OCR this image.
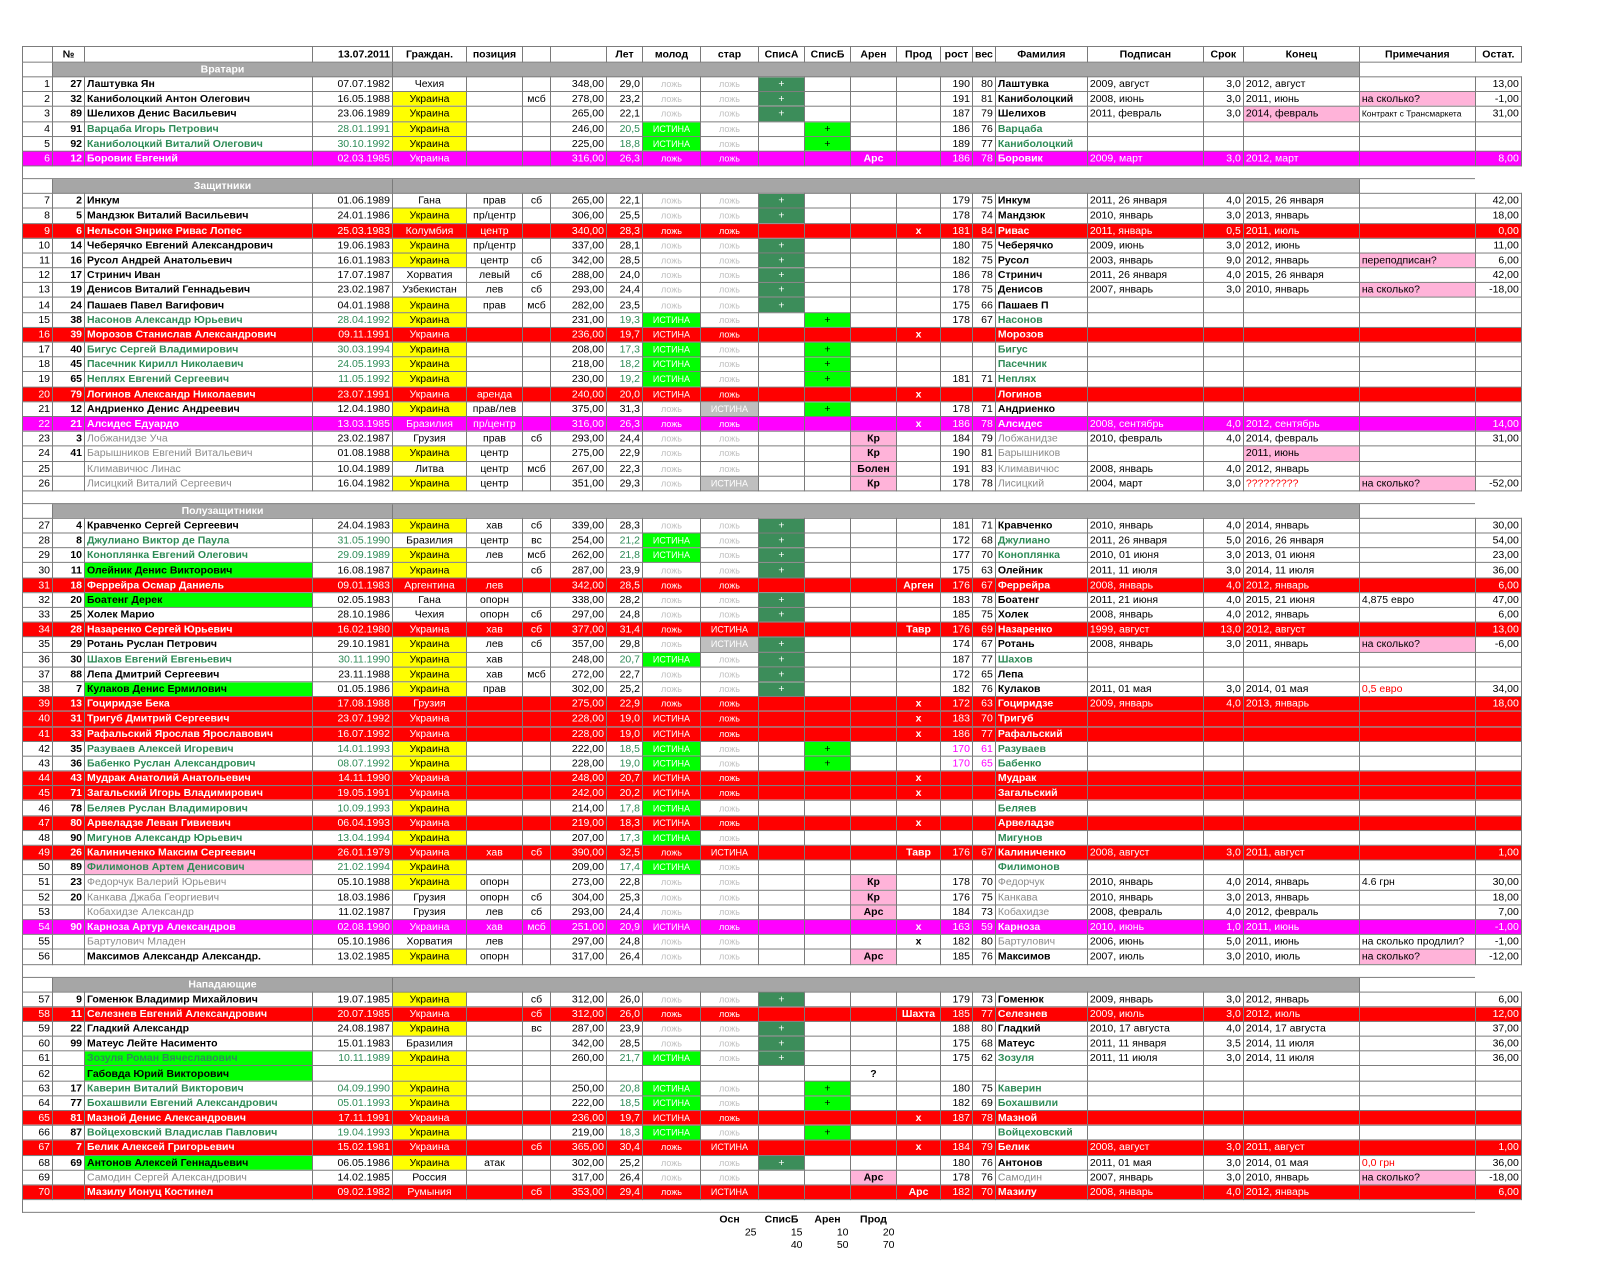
	№		13.07.2011	Граждан.	позиция			Лет	молод	стар	СписА	СписБ	Арен	Прод	рост	вес	Фамилия	Подписан	Срок	Конец	Примечания	Остат.
	Вратари																					
1	27	Лаштувка Ян	07.07.1982	Чехия			348,00	29,0	ложь	ложь	+				190	80	Лаштувка	2009, август	3,0	2012, август		13,00
2	32	Каниболоцкий Антон Олегович	16.05.1988	Украина		мсб	278,00	23,2	ложь	ложь	+				191	81	Каниболоцкий	2008, июнь	3,0	2011, июнь	на сколько?	-1,00
3	89	Шелихов Денис Васильевич	23.06.1989	Украина			265,00	22,1	ложь	ложь	+				187	79	Шелихов	2011, февраль	3,0	2014, февраль	Контракт с Трансмаркета	31,00
4	91	Варцаба Игорь Петрович	28.01.1991	Украина			246,00	20,5	ИСТИНА	ложь		+			186	76	Варцаба					
5	92	Каниболоцкий Виталий Олегович	30.10.1992	Украина			225,00	18,8	ИСТИНА	ложь		+			189	77	Каниболоцкий					
6	12	Боровик Евгений	02.03.1985	Украина			316,00	26,3	ложь	ложь			Арс		186	78	Боровик	2009, март	3,0	2012, март		8,00

	Защитники																					
7	2	Инкум	01.06.1989	Гана	прав	сб	265,00	22,1	ложь	ложь	+				179	75	Инкум	2011, 26 января	4,0	2015, 26 января		42,00
8	5	Мандзюк Виталий Васильевич	24.01.1986	Украина	пр/центр		306,00	25,5	ложь	ложь	+				178	74	Мандзюк	2010, январь	3,0	2013, январь		18,00
9	6	Нельсон Энрике Ривас Лопес	25.03.1983	Колумбия	центр		340,00	28,3	ложь	ложь				x	181	84	Ривас	2011, январь	0,5	2011, июль		0,00
10	14	Чеберячко Евгений Александрович	19.06.1983	Украина	пр/центр		337,00	28,1	ложь	ложь	+				180	75	Чеберячко	2009, июнь	3,0	2012, июнь		11,00
11	16	Русол Андрей Анатольевич	16.01.1983	Украина	центр	сб	342,00	28,5	ложь	ложь	+				182	75	Русол	2003, январь	9,0	2012, январь	переподписан?	6,00
12	17	Стринич Иван	17.07.1987	Хорватия	левый	сб	288,00	24,0	ложь	ложь	+				186	78	Стринич	2011, 26 января	4,0	2015, 26 января		42,00
13	19	Денисов Виталий Геннадьевич	23.02.1987	Узбекистан	лев	сб	293,00	24,4	ложь	ложь	+				178	75	Денисов	2007, январь	3,0	2010, январь	на сколько?	-18,00
14	24	Пашаев Павел Вагифович	04.01.1988	Украина	прав	мсб	282,00	23,5	ложь	ложь	+				175	66	Пашаев П					
15	38	Насонов Александр Юрьевич	28.04.1992	Украина			231,00	19,3	ИСТИНА	ложь		+			178	67	Насонов					
16	39	Морозов Станислав Александрович	09.11.1991	Украина			236,00	19,7	ИСТИНА	ложь				x			Морозов					
17	40	Бигус Сергей Владимирович	30.03.1994	Украина			208,00	17,3	ИСТИНА	ложь		+					Бигус					
18	45	Пасечник Кирилл Николаевич	24.05.1993	Украина			218,00	18,2	ИСТИНА	ложь		+					Пасечник					
19	65	Неплях Евгений Сергеевич	11.05.1992	Украина			230,00	19,2	ИСТИНА	ложь		+			181	71	Неплях					
20	79	Логинов Александр Николаевич	23.07.1991	Украина	аренда		240,00	20,0	ИСТИНА	ложь				x			Логинов					
21	12	Андриенко Денис Андреевич	12.04.1980	Украина	прав/лев		375,00	31,3	ложь	ИСТИНА		+			178	71	Андриенко					
22	21	Алсидес Едуардо	13.03.1985	Бразилия	пр/центр		316,00	26,3	ложь	ложь				x	186	78	Алсидес	2008, сентябрь	4,0	2012, сентябрь		14,00
23	3	Лобжанидзе Уча	23.02.1987	Грузия	прав	сб	293,00	24,4	ложь	ложь			Кр		184	79	Лобжанидзе	2010, февраль	4,0	2014, февраль		31,00
24	41	Барышников Евгений Витальевич	01.08.1988	Украина	центр		275,00	22,9	ложь	ложь			Кр		190	81	Барышников			2011, июнь		
25		Климавичюс Линас	10.04.1989	Литва	центр	мсб	267,00	22,3	ложь	ложь			Болен		191	83	Климавичюс	2008, январь	4,0	2012, январь		
26		Лисицкий Виталий Сергеевич	16.04.1982	Украина	центр		351,00	29,3	ложь	ИСТИНА			Кр		178	78	Лисицкий	2004, март	3,0	?????????	на сколько?	-52,00

	Полузащитники																					
27	4	Кравченко Сергей Сергеевич	24.04.1983	Украина	хав	сб	339,00	28,3	ложь	ложь	+				181	71	Кравченко	2010, январь	4,0	2014, январь		30,00
28	8	Джулиано Виктор де Паула	31.05.1990	Бразилия	центр	вс	254,00	21,2	ИСТИНА	ложь	+				172	68	Джулиано	2011, 26 января	5,0	2016, 26 января		54,00
29	10	Коноплянка Евгений Олегович	29.09.1989	Украина	лев	мсб	262,00	21,8	ИСТИНА	ложь	+				177	70	Коноплянка	2010, 01 июня	3,0	2013, 01 июня		23,00
30	11	Олейник Денис Викторович	16.08.1987	Украина		сб	287,00	23,9	ложь	ложь	+				175	63	Олейник	2011, 11 июля	3,0	2014, 11 июля		36,00
31	18	Феррейра Осмар Даниель	09.01.1983	Аргентина	лев		342,00	28,5	ложь	ложь				Арген	176	67	Феррейра	2008, январь	4,0	2012, январь		6,00
32	20	Боатенг Дерек	02.05.1983	Гана	опорн		338,00	28,2	ложь	ложь	+				183	78	Боатенг	2011, 21 июня	4,0	2015, 21 июня	4,875 евро	47,00
33	25	Холек Марио	28.10.1986	Чехия	опорн	сб	297,00	24,8	ложь	ложь	+				185	75	Холек	2008, январь	4,0	2012, январь		6,00
34	28	Назаренко Сергей Юрьевич	16.02.1980	Украина	хав	сб	377,00	31,4	ложь	ИСТИНА				Тавр	176	69	Назаренко	1999, август	13,0	2012, август		13,00
35	29	Ротань Руслан Петрович	29.10.1981	Украина	лев	сб	357,00	29,8	ложь	ИСТИНА	+				174	67	Ротань	2008, январь	3,0	2011, январь	на сколько?	-6,00
36	30	Шахов Евгений Евгеньевич	30.11.1990	Украина	хав		248,00	20,7	ИСТИНА	ложь	+				187	77	Шахов					
37	88	Лепа Дмитрий Сергеевич	23.11.1988	Украина	хав	мсб	272,00	22,7	ложь	ложь	+				172	65	Лепа					
38	7	Кулаков Денис Ермилович	01.05.1986	Украина	прав		302,00	25,2	ложь	ложь	+				182	76	Кулаков	2011, 01 мая	3,0	2014, 01 мая	0,5 евро	34,00
39	13	Гоциридзе Бека	17.08.1988	Грузия			275,00	22,9	ложь	ложь				x	172	63	Гоциридзе	2009, январь	4,0	2013, январь		18,00
40	31	Тригуб Дмитрий Сергеевич	23.07.1992	Украина			228,00	19,0	ИСТИНА	ложь				x	183	70	Тригуб					
41	33	Рафальский Ярослав Ярославович	16.07.1992	Украина			228,00	19,0	ИСТИНА	ложь				x	186	77	Рафальский					
42	35	Разуваев Алексей Игоревич	14.01.1993	Украина			222,00	18,5	ИСТИНА	ложь		+			170	61	Разуваев					
43	36	Бабенко Руслан Александрович	08.07.1992	Украина			228,00	19,0	ИСТИНА	ложь		+			170	65	Бабенко					
44	43	Мудрак Анатолий Анатольевич	14.11.1990	Украина			248,00	20,7	ИСТИНА	ложь				x			Мудрак					
45	71	Загальский Игорь Владимирович	19.05.1991	Украина			242,00	20,2	ИСТИНА	ложь				x			Загальский					
46	78	Беляев Руслан Владимирович	10.09.1993	Украина			214,00	17,8	ИСТИНА	ложь							Беляев					
47	80	Арвеладзе Леван Гивиевич	06.04.1993	Украина			219,00	18,3	ИСТИНА	ложь				x			Арвеладзе					
48	90	Мигунов Александр Юрьевич	13.04.1994	Украина			207,00	17,3	ИСТИНА	ложь							Мигунов					
49	26	Калиниченко Максим Сергеевич	26.01.1979	Украина	хав	сб	390,00	32,5	ложь	ИСТИНА				Тавр	176	67	Калиниченко	2008, август	3,0	2011, август		1,00
50	89	Филимонов Артем Денисович	21.02.1994	Украина			209,00	17,4	ИСТИНА	ложь							Филимонов					
51	23	Федорчук Валерий Юрьевич	05.10.1988	Украина	опорн		273,00	22,8	ложь	ложь			Кр		178	70	Федорчук	2010, январь	4,0	2014, январь	4.6 грн	30,00
52	20	Канкава Джаба Георгиевич	18.03.1986	Грузия	опорн	сб	304,00	25,3	ложь	ложь			Кр		176	75	Канкава	2010, январь	3,0	2013, январь		18,00
53		Кобахидзе Александр	11.02.1987	Грузия	лев	сб	293,00	24,4	ложь	ложь			Арс		184	73	Кобахидзе	2008, февраль	4,0	2012, февраль		7,00
54	90	Карноза Артур Александров	02.08.1990	Украина	хав	мсб	251,00	20,9	ИСТИНА	ложь				x	163	59	Карноза	2010, июнь	1,0	2011, июнь		-1,00
55		Бартулович Младен	05.10.1986	Хорватия	лев		297,00	24,8	ложь	ложь				x	182	80	Бартулович	2006, июнь	5,0	2011, июнь	на сколько продлил?	-1,00
56		Максимов Александр Александр.	13.02.1985	Украина	опорн		317,00	26,4	ложь	ложь			Арс		185	76	Максимов	2007, июль	3,0	2010, июль	на сколько?	-12,00

	Нападающие																					
57	9	Гоменюк Владимир Михайлович	19.07.1985	Украина		сб	312,00	26,0	ложь	ложь	+				179	73	Гоменюк	2009, январь	3,0	2012, январь		6,00
58	11	Селезнев Евгений Александрович	20.07.1985	Украина		сб	312,00	26,0	ложь	ложь				Шахта	185	77	Селезнев	2009, июль	3,0	2012, июль		12,00
59	22	Гладкий Александр	24.08.1987	Украина		вс	287,00	23,9	ложь	ложь	+				188	80	Гладкий	2010, 17 августа	4,0	2014, 17 августа		37,00
60	99	Матеус Лейте Насименто	15.01.1983	Бразилия			342,00	28,5	ложь	ложь	+				175	68	Матеус	2011, 11 января	3,5	2014, 11 июля		36,00
61		Зозуля Роман Вячеславович	10.11.1989	Украина			260,00	21,7	ИСТИНА	ложь	+				175	62	Зозуля	2011, 11 июля	3,0	2014, 11 июля		36,00
62		Габовда Юрий Викторович											?									
63	17	Каверин Виталий Викторович	04.09.1990	Украина			250,00	20,8	ИСТИНА	ложь		+			180	75	Каверин					
64	77	Бохашвили Евгений Александрович	05.01.1993	Украина			222,00	18,5	ИСТИНА	ложь		+			182	69	Бохашвили					
65	81	Мазной Денис Александрович	17.11.1991	Украина			236,00	19,7	ИСТИНА	ложь				x	187	78	Мазной					
66	87	Войцеховский Владислав Павлович	19.04.1993	Украина			219,00	18,3	ИСТИНА	ложь		+					Войцеховский					
67	7	Белик Алексей Григорьевич	15.02.1981	Украина		сб	365,00	30,4	ложь	ИСТИНА				x	184	79	Белик	2008, август	3,0	2011, август		1,00
68	69	Антонов Алексей Геннадьевич	06.05.1986	Украина	атак		302,00	25,2	ложь	ложь	+				180	76	Антонов	2011, 01 мая	3,0	2014, 01 мая	0,0 грн	36,00
69		Самодин Сергей Александрович	14.02.1985	Россия			317,00	26,4	ложь	ложь			Арс		178	76	Самодин	2007, январь	3,0	2010, январь	на сколько?	-18,00
70		Мазилу Ионуц Костинел	09.02.1982	Румыния		сб	353,00	29,4	ложь	ИСТИНА				Арс	182	70	Мазилу	2008, январь	4,0	2012, январь		6,00

										Осн	СписБ	Арен	Прод									
										25	15	10	20									
											40	50	70									
